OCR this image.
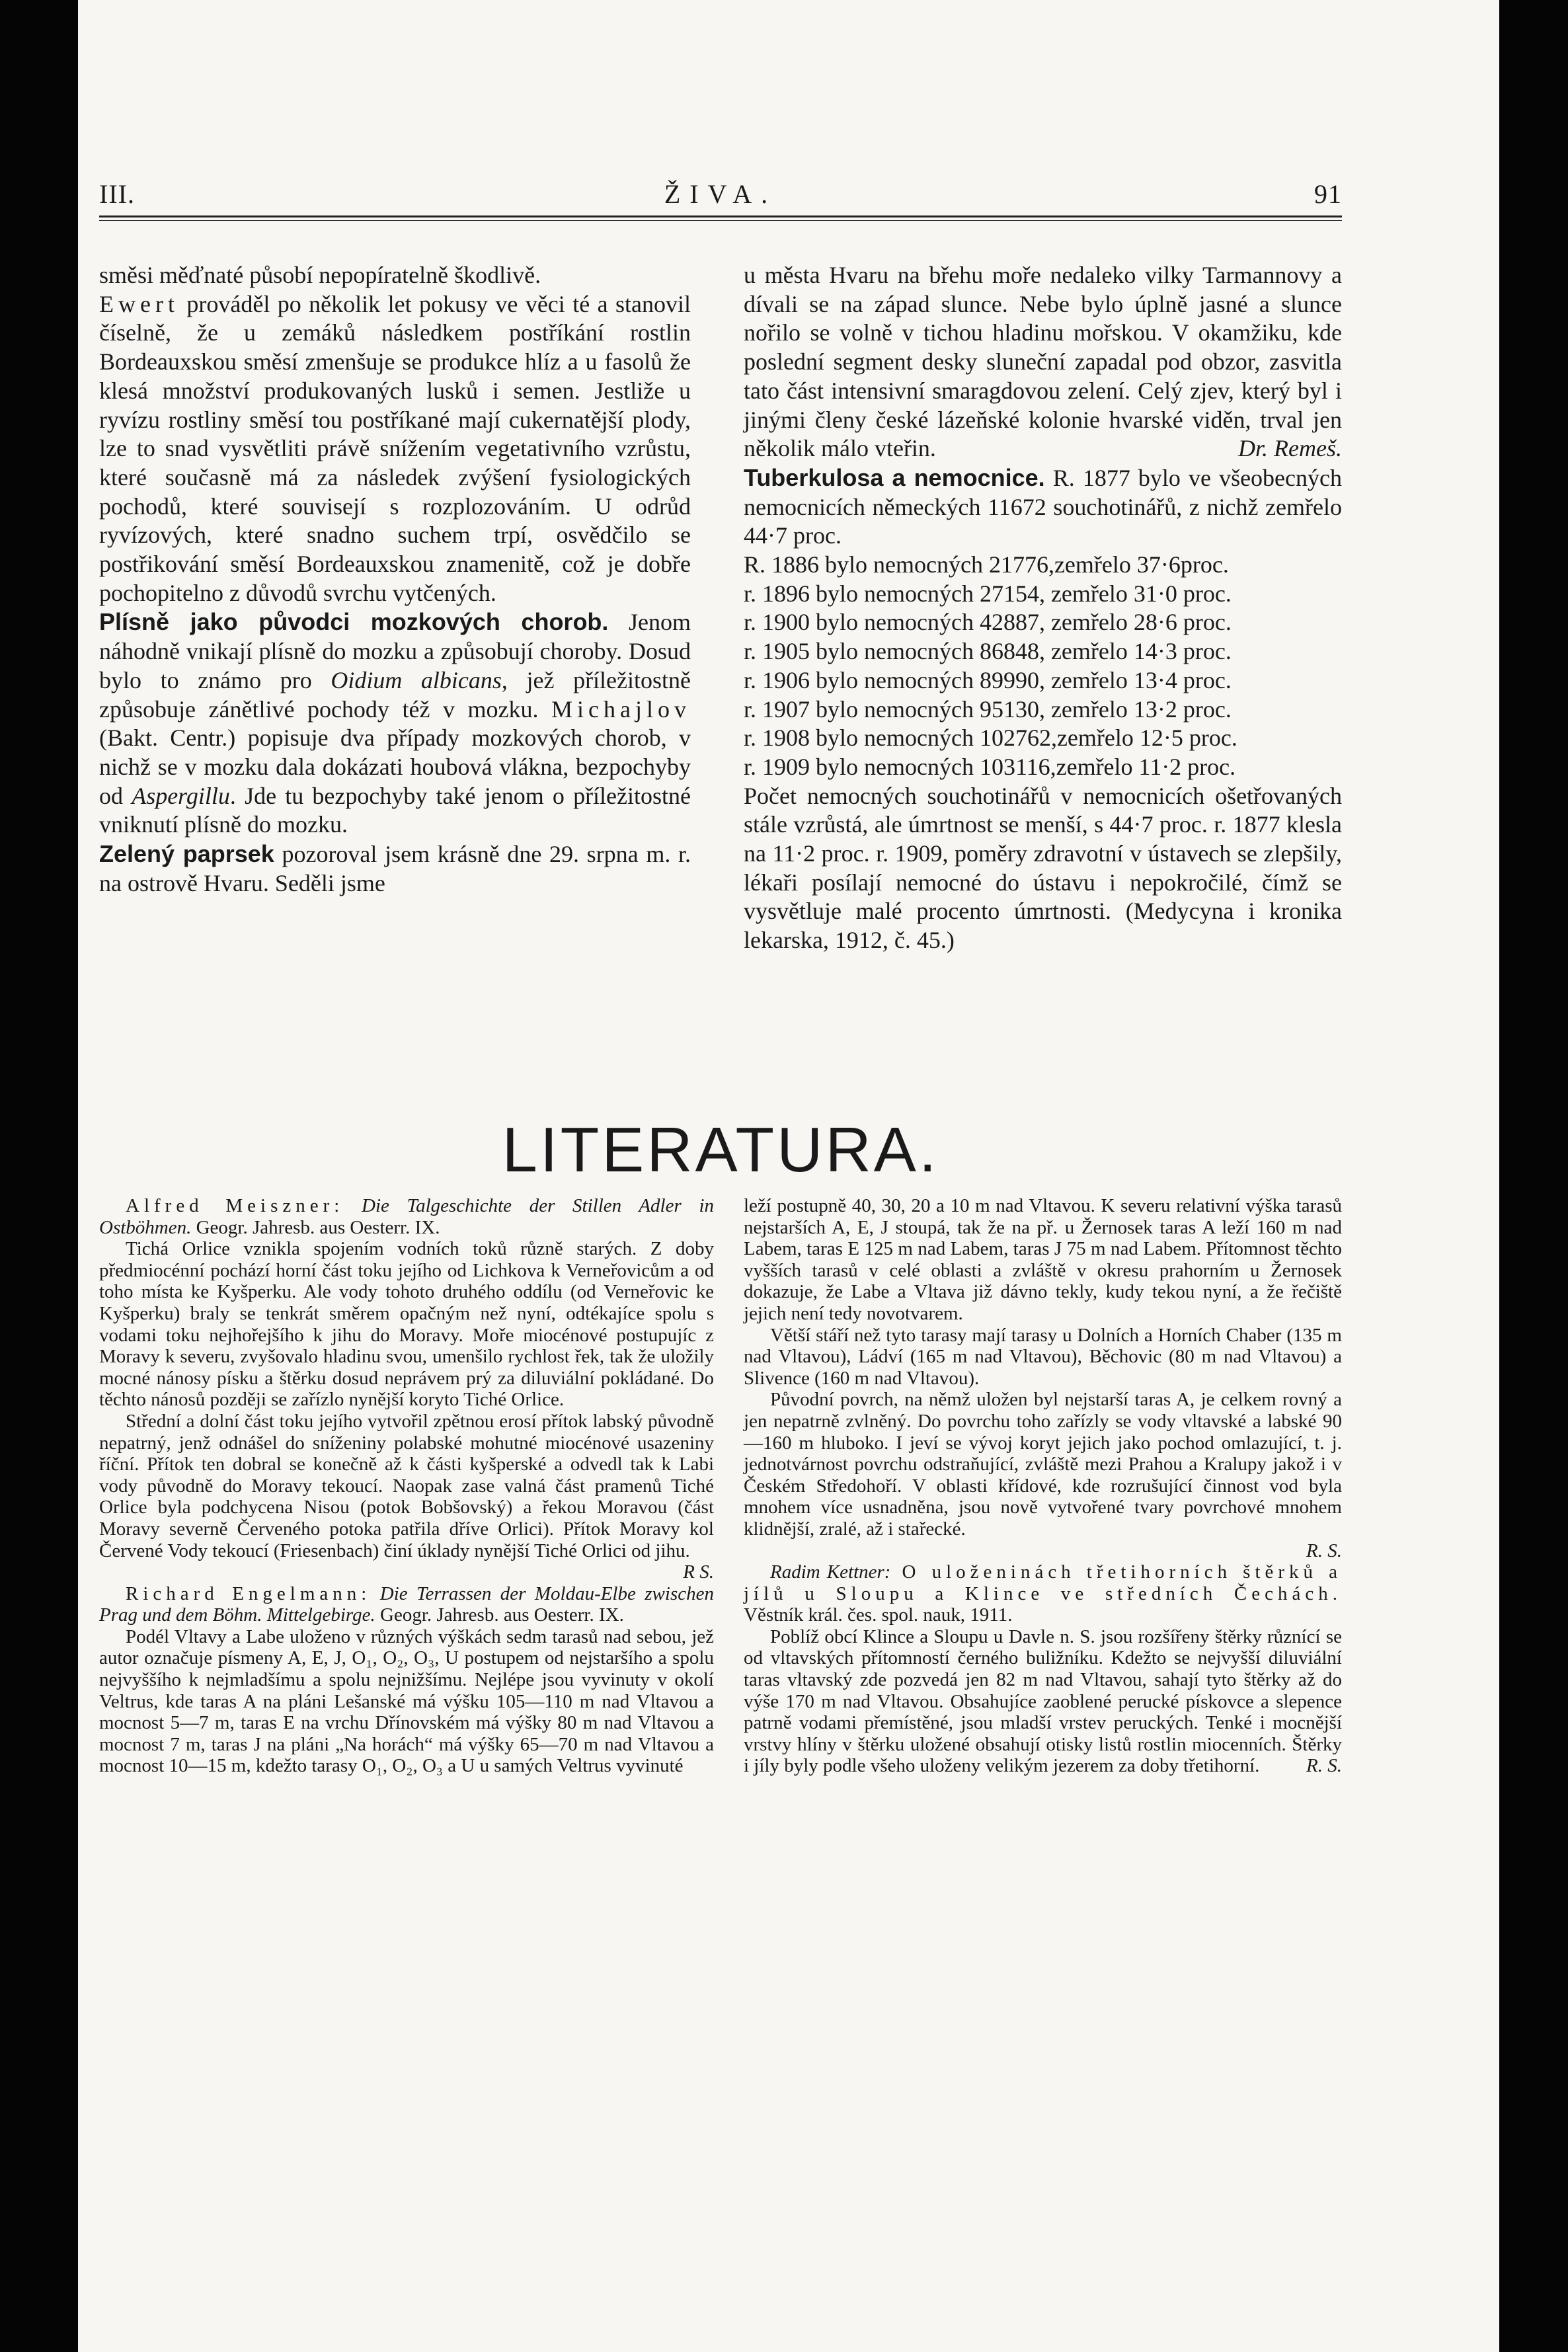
III.	ŽIVA.	91

směsi měďnaté působí nepopíratelně škodlivě.

Ewert prováděl po několik let pokusy ve věci té a stanovil číselně, že u zemáků následkem postříkání rostlin Bordeauxskou směsí zmenšuje se produkce hlíz a u fasolů že klesá množství produkovaných lusků i semen. Jestliže u ryvízu rostliny směsí tou postříkané mají cukernatější plody, lze to snad vysvětliti právě snížením vegetativního vzrůstu, které současně má za následek zvýšení fysiologických pochodů, které souvisejí s rozplozováním. U odrůd ryvízových, které snadno suchem trpí, osvědčilo se postřikování směsí Bordeauxskou znamenitě, což je dobře pochopitelno z důvodů svrchu vytčených.

Plísně jako původci mozkových chorob. Jenom náhodně vnikají plísně do mozku a způsobují choroby. Dosud bylo to známo pro Oidium albicans, jež příležitostně způsobuje zánětlivé pochody též v mozku. Michajlov (Bakt. Centr.) popisuje dva případy mozkových chorob, v nichž se v mozku dala dokázati houbová vlákna, bezpochyby od Aspergillu. Jde tu bezpochyby také jenom o příležitostné vniknutí plísně do mozku.

Zelený paprsek pozoroval jsem krásně dne 29. srpna m. r. na ostrově Hvaru. Seděli jsme

u města Hvaru na břehu moře nedaleko vilky Tarmannovy a dívali se na západ slunce. Nebe bylo úplně jasné a slunce nořilo se volně v tichou hladinu mořskou. V okamžiku, kde poslední segment desky sluneční zapadal pod obzor, zasvitla tato část intensivní smaragdovou zelení. Celý zjev, který byl i jinými členy české lázeňské kolonie hvarské viděn, trval jen několik málo vteřin.	Dr. Remeš.

Tuberkulosa a nemocnice. R. 1877 bylo ve všeobecných nemocnicích německých 11672 souchotinářů, z nichž zemřelo 44·7 proc.

R. 1886 bylo nemocných 21776,zemřelo 37·6proc.

r. 1896 bylo nemocných 27154, zemřelo 31·0 proc.

r. 1900 bylo nemocných 42887, zemřelo 28·6 proc.

r. 1905 bylo nemocných 86848, zemřelo 14·3 proc.

r. 1906 bylo nemocných 89990, zemřelo 13·4 proc.

r. 1907 bylo nemocných 95130, zemřelo 13·2 proc.

r. 1908 bylo nemocných 102762,zemřelo 12·5 proc.

r. 1909 bylo nemocných 103116,zemřelo 11·2 proc.

Počet nemocných souchotinářů v nemocnicích ošetřovaných stále vzrůstá, ale úmrtnost se menší, s 44·7 proc. r. 1877 klesla na 11·2 proc. r. 1909, poměry zdravotní v ústavech se zlepšily, lékaři posílají nemocné do ústavu i nepokročilé, čímž se vysvětluje malé procento úmrtnosti. (Medycyna i kronika lekarska, 1912, č. 45.)

LITERATURA.

Alfred Meiszner: Die Talgeschichte der Stillen Adler in Ostböhmen. Geogr. Jahresb. aus Oesterr. IX.

Tichá Orlice vznikla spojením vodních toků různě starých. Z doby předmiocénní pochází horní část toku jejího od Lichkova k Verneřovicům a od toho místa ke Kyšperku. Ale vody tohoto druhého oddílu (od Verneřovic ke Kyšperku) braly se tenkrát směrem opačným než nyní, odtékajíce spolu s vodami toku nejhořejšího k jihu do Moravy. Moře miocénové postupujíc z Moravy k severu, zvyšovalo hladinu svou, umenšilo rychlost řek, tak že uložily mocné nánosy písku a štěrku dosud neprávem prý za diluviální pokládané. Do těchto nánosů později se zařízlo nynější koryto Tiché Orlice.

Střední a dolní část toku jejího vytvořil zpětnou erosí přítok labský původně nepatrný, jenž odnášel do sníženiny polabské mohutné miocénové usazeniny říční. Přítok ten dobral se konečně až k části kyšperské a odvedl tak k Labi vody původně do Moravy tekoucí. Naopak zase valná část pramenů Tiché Orlice byla podchycena Nisou (potok Bobšovský) a řekou Moravou (část Moravy severně Červeného potoka patřila dříve Orlici). Přítok Moravy kol Červené Vody tekoucí (Friesenbach) činí úklady nynější Tiché Orlici od jihu.
R S.

Richard Engelmann: Die Terrassen der Moldau-Elbe zwischen Prag und dem Böhm. Mittelgebirge. Geogr. Jahresb. aus Oesterr. IX.

Podél Vltavy a Labe uloženo v různých výškách sedm tarasů nad sebou, jež autor označuje písmeny A, E, J, O₁, O₂, O₃, U postupem od nejstaršího a spolu nejvyššího k nejmladšímu a spolu nejnižšímu. Nejlépe jsou vyvinuty v okolí Veltrus, kde taras A na pláni Lešanské má výšku 105—110 m nad Vltavou a mocnost 5—7 m, taras E na vrchu Dřínovském má výšky 80 m nad Vltavou a mocnost 7 m, taras J na pláni „Na horách“ má výšky 65—70 m nad Vltavou a mocnost 10—15 m, kdežto tarasy O₁, O₂, O₃ a U u samých Veltrus vyvinuté

leží postupně 40, 30, 20 a 10 m nad Vltavou. K severu relativní výška tarasů nejstarších A, E, J stoupá, tak že na př. u Žernosek taras A leží 160 m nad Labem, taras E 125 m nad Labem, taras J 75 m nad Labem. Přítomnost těchto vyšších tarasů v celé oblasti a zvláště v okresu prahorním u Žernosek dokazuje, že Labe a Vltava již dávno tekly, kudy tekou nyní, a že řečiště jejich není tedy novotvarem.

Větší stáří než tyto tarasy mají tarasy u Dolních a Horních Chaber (135 m nad Vltavou), Ládví (165 m nad Vltavou), Běchovic (80 m nad Vltavou) a Slivence (160 m nad Vltavou).

Původní povrch, na němž uložen byl nejstarší taras A, je celkem rovný a jen nepatrně zvlněný. Do povrchu toho zařízly se vody vltavské a labské 90—160 m hluboko. I jeví se vývoj koryt jejich jako pochod omlazující, t. j. jednotvárnost povrchu odstraňující, zvláště mezi Prahou a Kralupy jakož i v Českém Středohoří. V oblasti křídové, kde rozrušující činnost vod byla mnohem více usnadněna, jsou nově vytvořené tvary povrchové mnohem klidnější, zralé, až i stařecké.

R. S.

Radim Kettner: O uloženinách třetihorních štěrků a jílů u Sloupu a Klince ve středních Čechách. Věstník král. čes. spol. nauk, 1911.

Poblíž obcí Klince a Sloupu u Davle n. S. jsou rozšířeny štěrky různící se od vltavských přítomností černého buližníku. Kdežto se nejvyšší diluviální taras vltavský zde pozvedá jen 82 m nad Vltavou, sahají tyto štěrky až do výše 170 m nad Vltavou. Obsahujíce zaoblené perucké pískovce a slepence patrně vodami přemístěné, jsou mladší vrstev peruckých. Tenké i mocnější vrstvy hlíny v štěrku uložené obsahují otisky listů rostlin miocenních. Štěrky i jíly byly podle všeho uloženy velikým jezerem za doby třetihorní.	R. S.
